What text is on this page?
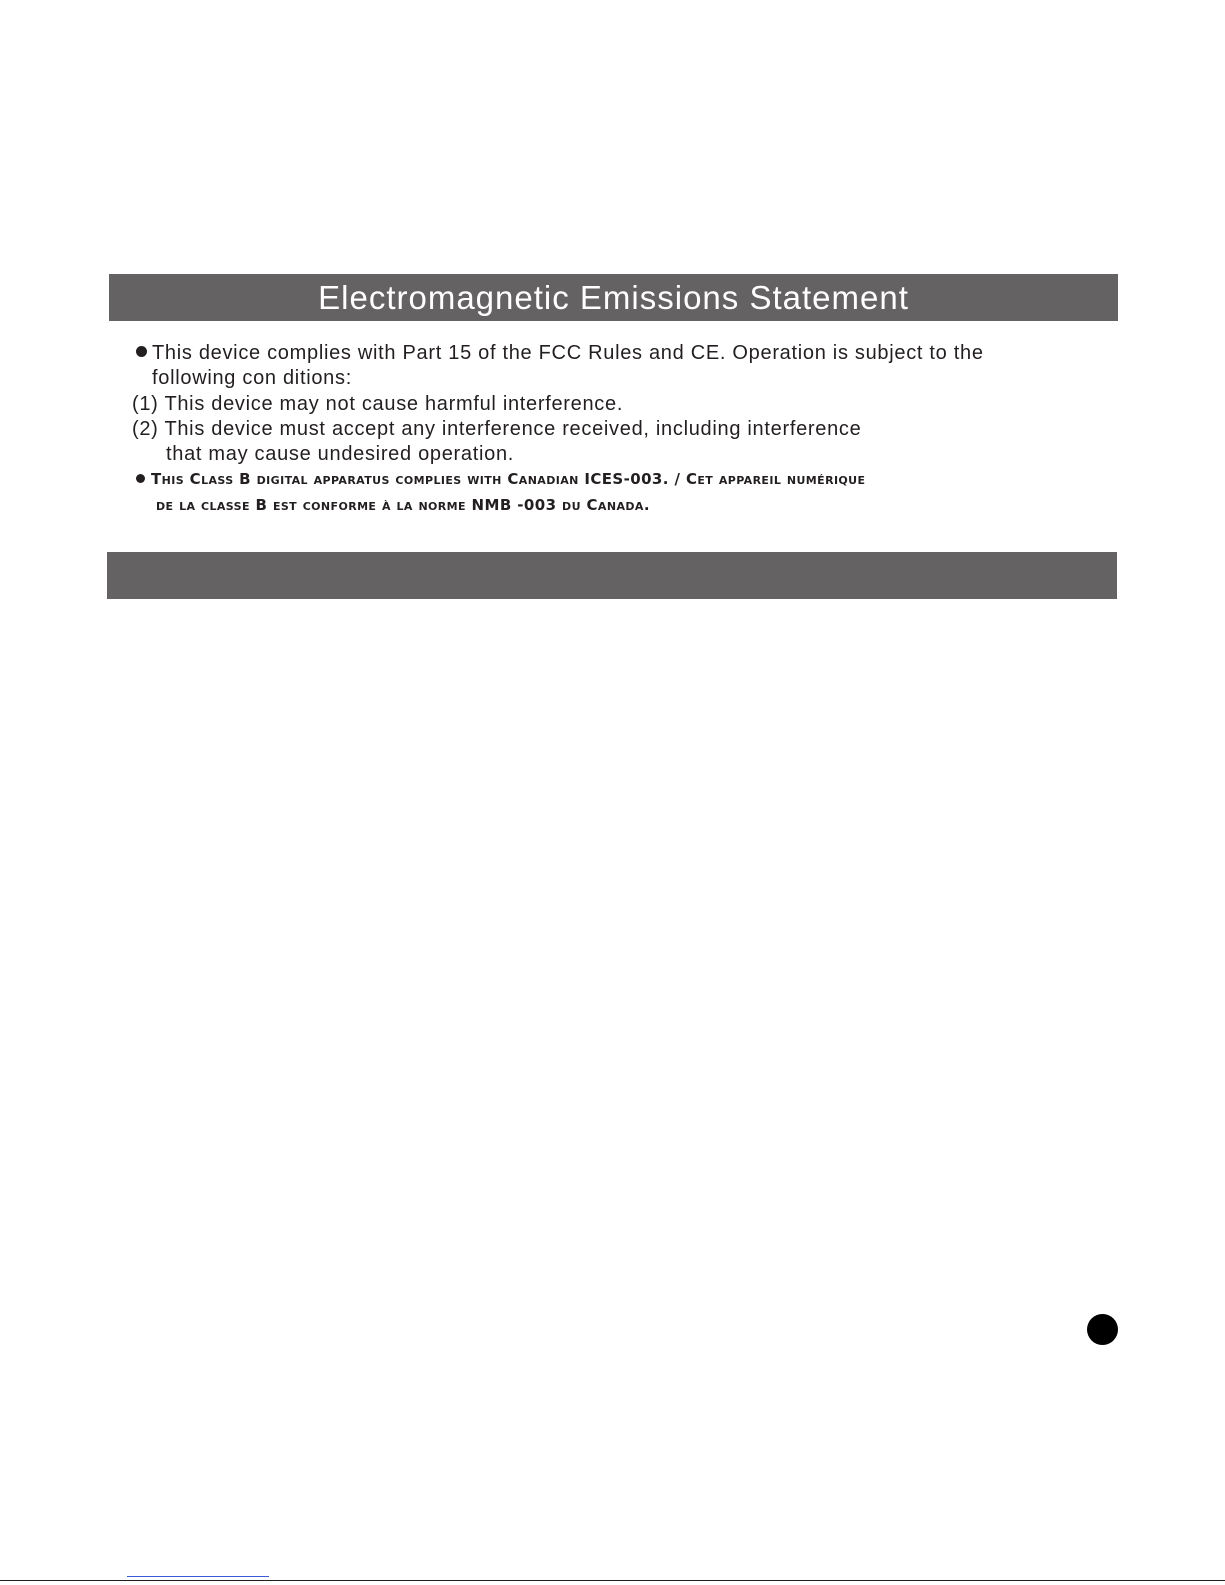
Electromagnetic Emissions Statement
This device complies with Part 15 of the FCC Rules and CE. Operation is subject to the
following con ditions:
(1) This device may not cause harmful interference.
(2) This device must accept any interference received, including interference
that may cause undesired operation.
This Class B digital apparatus complies with Canadian ICES-003. / Cet appareil numérique
de la classe B est conforme à la norme NMB -003 du Canada.
